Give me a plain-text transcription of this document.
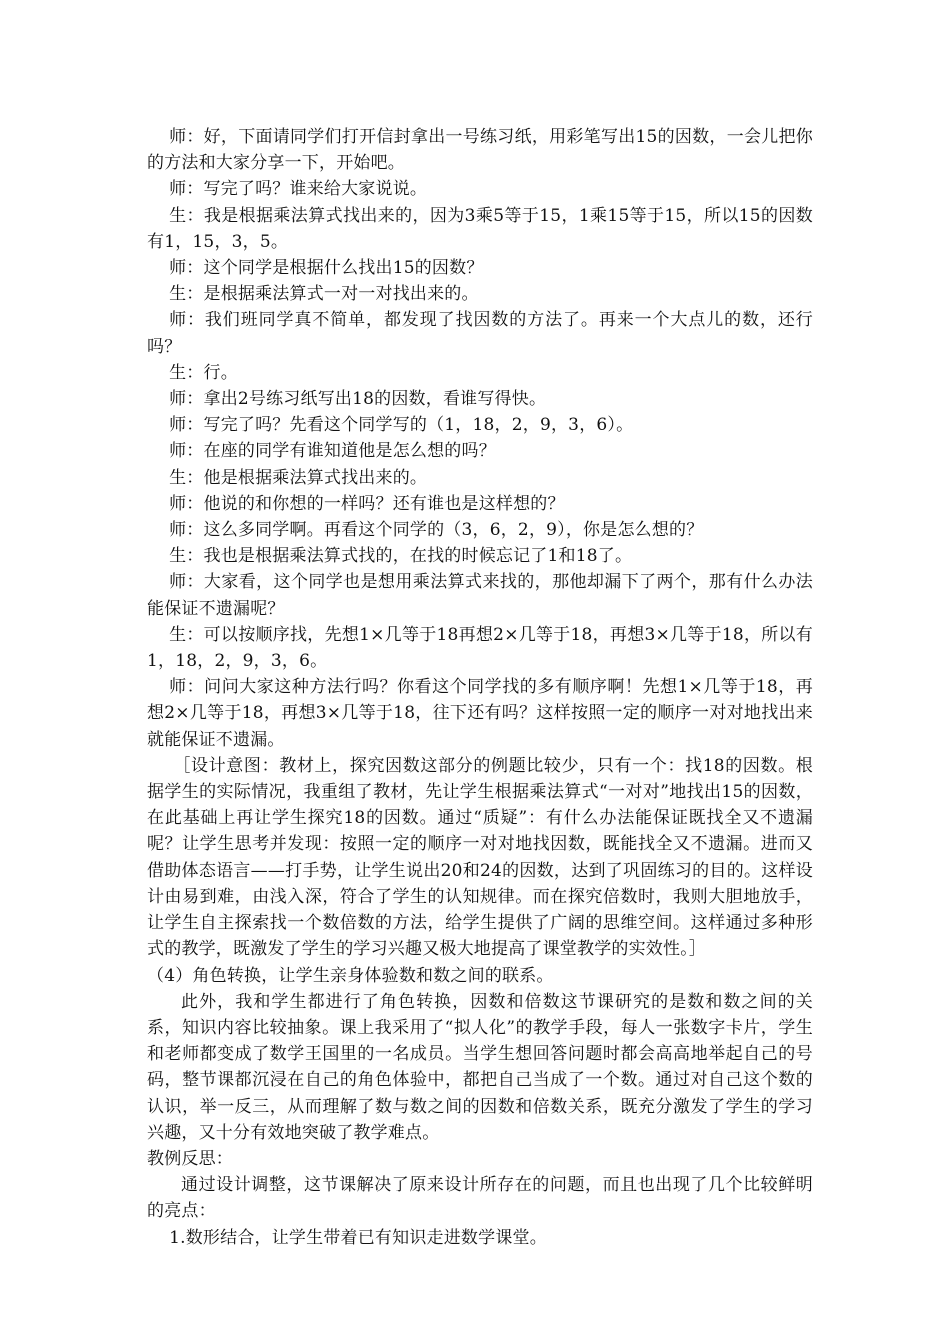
师：好，下面请同学们打开信封拿出一号练习纸，用彩笔写出15的因数，一会儿把你的方法和大家分享一下，开始吧。

师：写完了吗？谁来给大家说说。

生：我是根据乘法算式找出来的，因为3乘5等于15，1乘15等于15，所以15的因数有1，15，3，5。

师：这个同学是根据什么找出15的因数？

生：是根据乘法算式一对一对找出来的。

师：我们班同学真不简单，都发现了找因数的方法了。再来一个大点儿的数，还行吗？

生：行。

师：拿出2号练习纸写出18的因数，看谁写得快。

师：写完了吗？先看这个同学写的（1，18，2，9，3，6）。

师：在座的同学有谁知道他是怎么想的吗？

生：他是根据乘法算式找出来的。

师：他说的和你想的一样吗？还有谁也是这样想的？

师：这么多同学啊。再看这个同学的（3，6，2，9），你是怎么想的？

生：我也是根据乘法算式找的，在找的时候忘记了1和18了。

师：大家看，这个同学也是想用乘法算式来找的，那他却漏下了两个，那有什么办法能保证不遗漏呢？

生：可以按顺序找，先想1×几等于18再想2×几等于18，再想3×几等于18，所以有1，18，2，9，3，6。

师：问问大家这种方法行吗？你看这个同学找的多有顺序啊！先想1×几等于18，再想2×几等于18，再想3×几等于18，往下还有吗？这样按照一定的顺序一对对地找出来就能保证不遗漏。

［设计意图：教材上，探究因数这部分的例题比较少，只有一个：找18的因数。根据学生的实际情况，我重组了教材，先让学生根据乘法算式“一对对”地找出15的因数，在此基础上再让学生探究18的因数。通过“质疑”：有什么办法能保证既找全又不遗漏呢？让学生思考并发现：按照一定的顺序一对对地找因数，既能找全又不遗漏。进而又借助体态语言——打手势，让学生说出20和24的因数，达到了巩固练习的目的。这样设计由易到难，由浅入深，符合了学生的认知规律。而在探究倍数时，我则大胆地放手，让学生自主探索找一个数倍数的方法，给学生提供了广阔的思维空间。这样通过多种形式的教学，既激发了学生的学习兴趣又极大地提高了课堂教学的实效性。］

（4）角色转换，让学生亲身体验数和数之间的联系。

此外，我和学生都进行了角色转换，因数和倍数这节课研究的是数和数之间的关系，知识内容比较抽象。课上我采用了“拟人化”的教学手段，每人一张数字卡片，学生和老师都变成了数学王国里的一名成员。当学生想回答问题时都会高高地举起自己的号码，整节课都沉浸在自己的角色体验中，都把自己当成了一个数。通过对自己这个数的认识，举一反三，从而理解了数与数之间的因数和倍数关系，既充分激发了学生的学习兴趣，又十分有效地突破了教学难点。

教例反思：

通过设计调整，这节课解决了原来设计所存在的问题，而且也出现了几个比较鲜明的亮点：

1.数形结合，让学生带着已有知识走进数学课堂。
